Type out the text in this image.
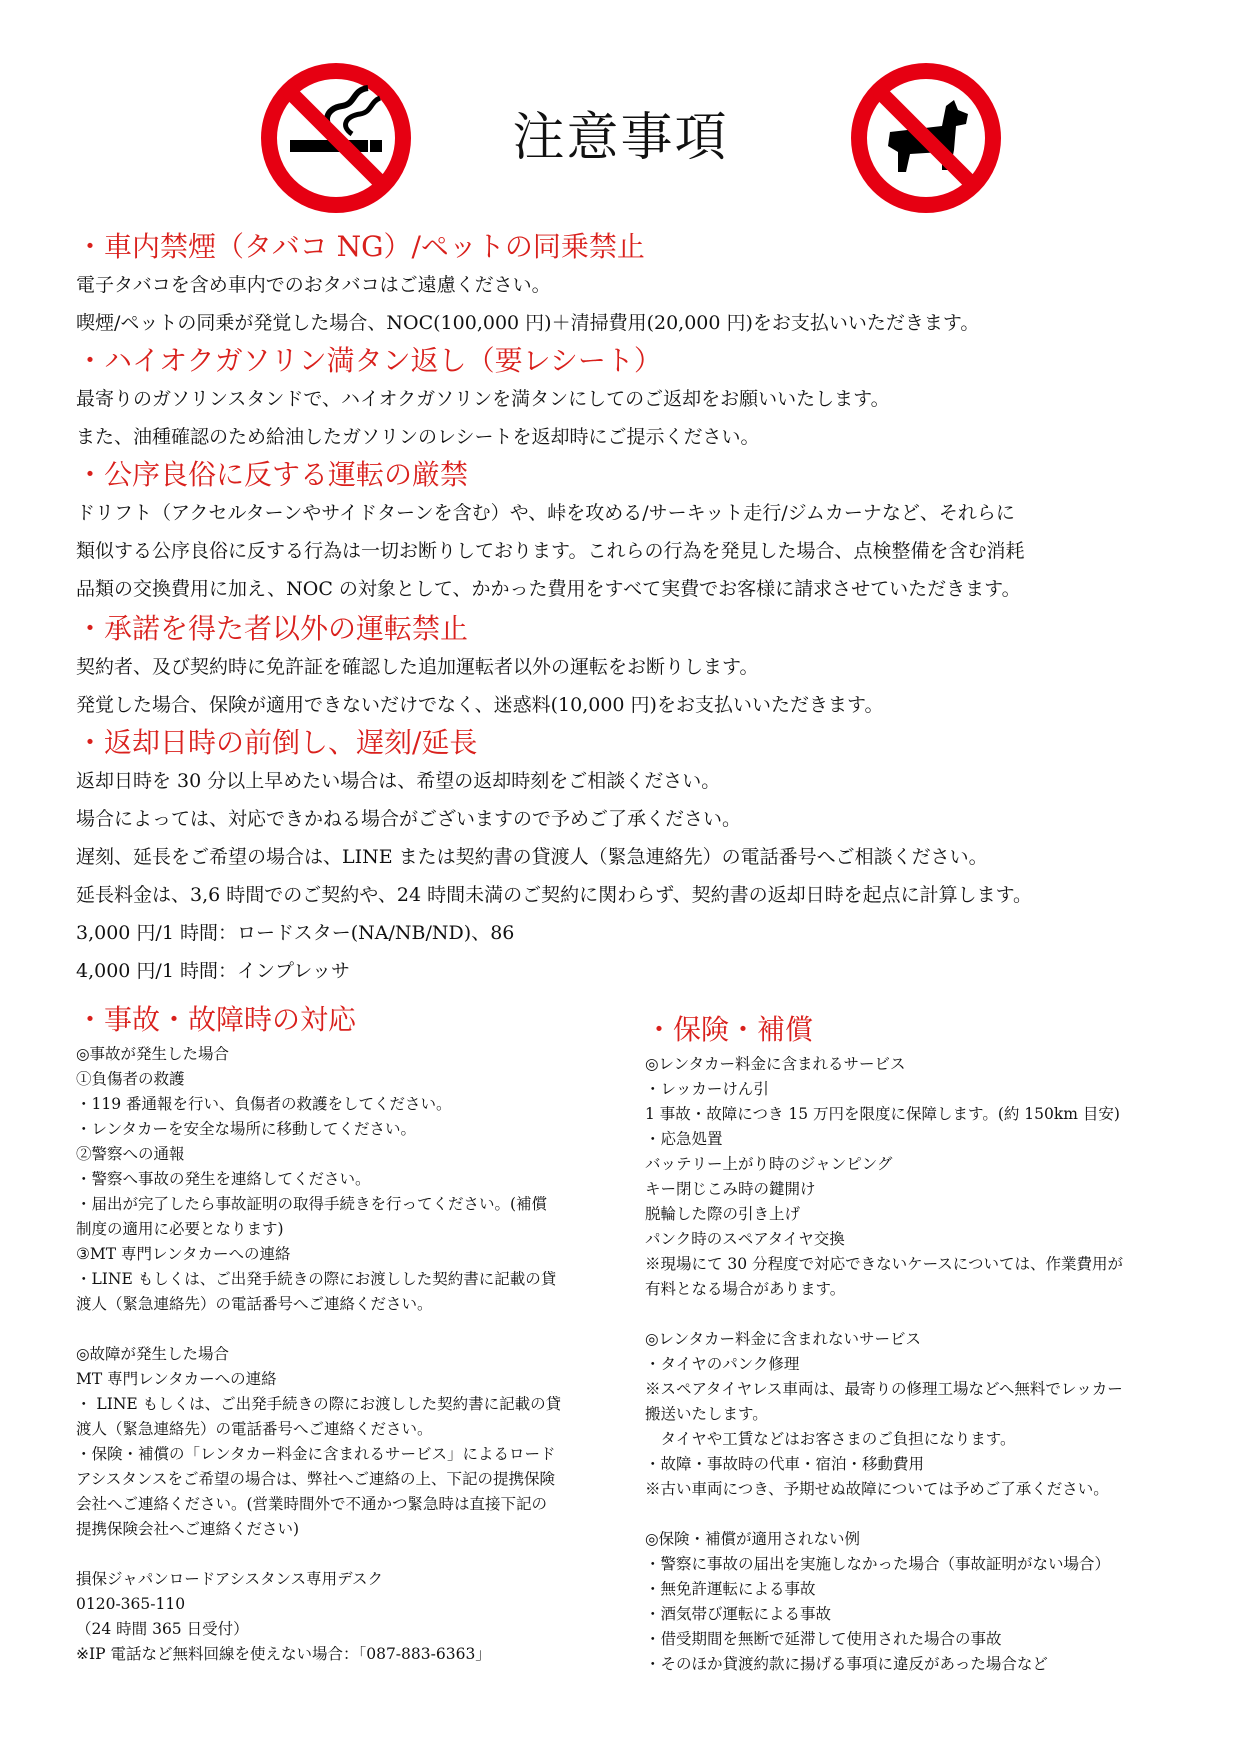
注意事項
・車内禁煙（タバコ NG）/ペットの同乗禁止

電子タバコを含め車内でのおタバコはご遠慮ください。

喫煙/ペットの同乗が発覚した場合、NOC(100,000 円)＋清掃費用(20,000 円)をお支払いいただきます。

・ハイオクガソリン満タン返し（要レシート）

最寄りのガソリンスタンドで、ハイオクガソリンを満タンにしてのご返却をお願いいたします。

また、油種確認のため給油したガソリンのレシートを返却時にご提示ください。

・公序良俗に反する運転の厳禁

ドリフト（アクセルターンやサイドターンを含む）や、峠を攻める/サーキット走行/ジムカーナなど、それらに

類似する公序良俗に反する行為は一切お断りしております。これらの行為を発見した場合、点検整備を含む消耗

品類の交換費用に加え、NOC の対象として、かかった費用をすべて実費でお客様に請求させていただきます。

・承諾を得た者以外の運転禁止

契約者、及び契約時に免許証を確認した追加運転者以外の運転をお断りします。

発覚した場合、保険が適用できないだけでなく、迷惑料(10,000 円)をお支払いいただきます。

・返却日時の前倒し、遅刻/延長

返却日時を 30 分以上早めたい場合は、希望の返却時刻をご相談ください。

場合によっては、対応できかねる場合がございますので予めご了承ください。

遅刻、延長をご希望の場合は、LINE または契約書の貸渡人（緊急連絡先）の電話番号へご相談ください。

延長料金は、3,6 時間でのご契約や、24 時間未満のご契約に関わらず、契約書の返却日時を起点に計算します。

3,000 円/1 時間：ロードスター(NA/NB/ND)、86

4,000 円/1 時間：インプレッサ

・事故・故障時の対応

◎事故が発生した場合

①負傷者の救護

・119 番通報を行い、負傷者の救護をしてください。

・レンタカーを安全な場所に移動してください。

②警察への通報

・警察へ事故の発生を連絡してください。

・届出が完了したら事故証明の取得手続きを行ってください。(補償

制度の適用に必要となります)

③MT 専門レンタカーへの連絡

・LINE もしくは、ご出発手続きの際にお渡しした契約書に記載の貸

渡人（緊急連絡先）の電話番号へご連絡ください。

◎故障が発生した場合

MT 専門レンタカーへの連絡

・ LINE もしくは、ご出発手続きの際にお渡しした契約書に記載の貸

渡人（緊急連絡先）の電話番号へご連絡ください。

・保険・補償の「レンタカー料金に含まれるサービス」によるロード

アシスタンスをご希望の場合は、弊社へご連絡の上、下記の提携保険

会社へご連絡ください。(営業時間外で不通かつ緊急時は直接下記の

提携保険会社へご連絡ください)

損保ジャパンロードアシスタンス専用デスク

0120-365-110

（24 時間 365 日受付）

※IP 電話など無料回線を使えない場合：「087-883-6363」

・保険・補償

◎レンタカー料金に含まれるサービス

・レッカーけん引

1 事故・故障につき 15 万円を限度に保障します。(約 150km 目安)

・応急処置

バッテリー上がり時のジャンピング

キー閉じこみ時の鍵開け

脱輪した際の引き上げ

パンク時のスペアタイヤ交換

※現場にて 30 分程度で対応できないケースについては、作業費用が

有料となる場合があります。

◎レンタカー料金に含まれないサービス

・タイヤのパンク修理

※スペアタイヤレス車両は、最寄りの修理工場などへ無料でレッカー

搬送いたします。

　タイヤや工賃などはお客さまのご負担になります。

・故障・事故時の代車・宿泊・移動費用

※古い車両につき、予期せぬ故障については予めご了承ください。

◎保険・補償が適用されない例

・警察に事故の届出を実施しなかった場合（事故証明がない場合）

・無免許運転による事故

・酒気帯び運転による事故

・借受期間を無断で延滞して使用された場合の事故

・そのほか貸渡約款に揚げる事項に違反があった場合など
